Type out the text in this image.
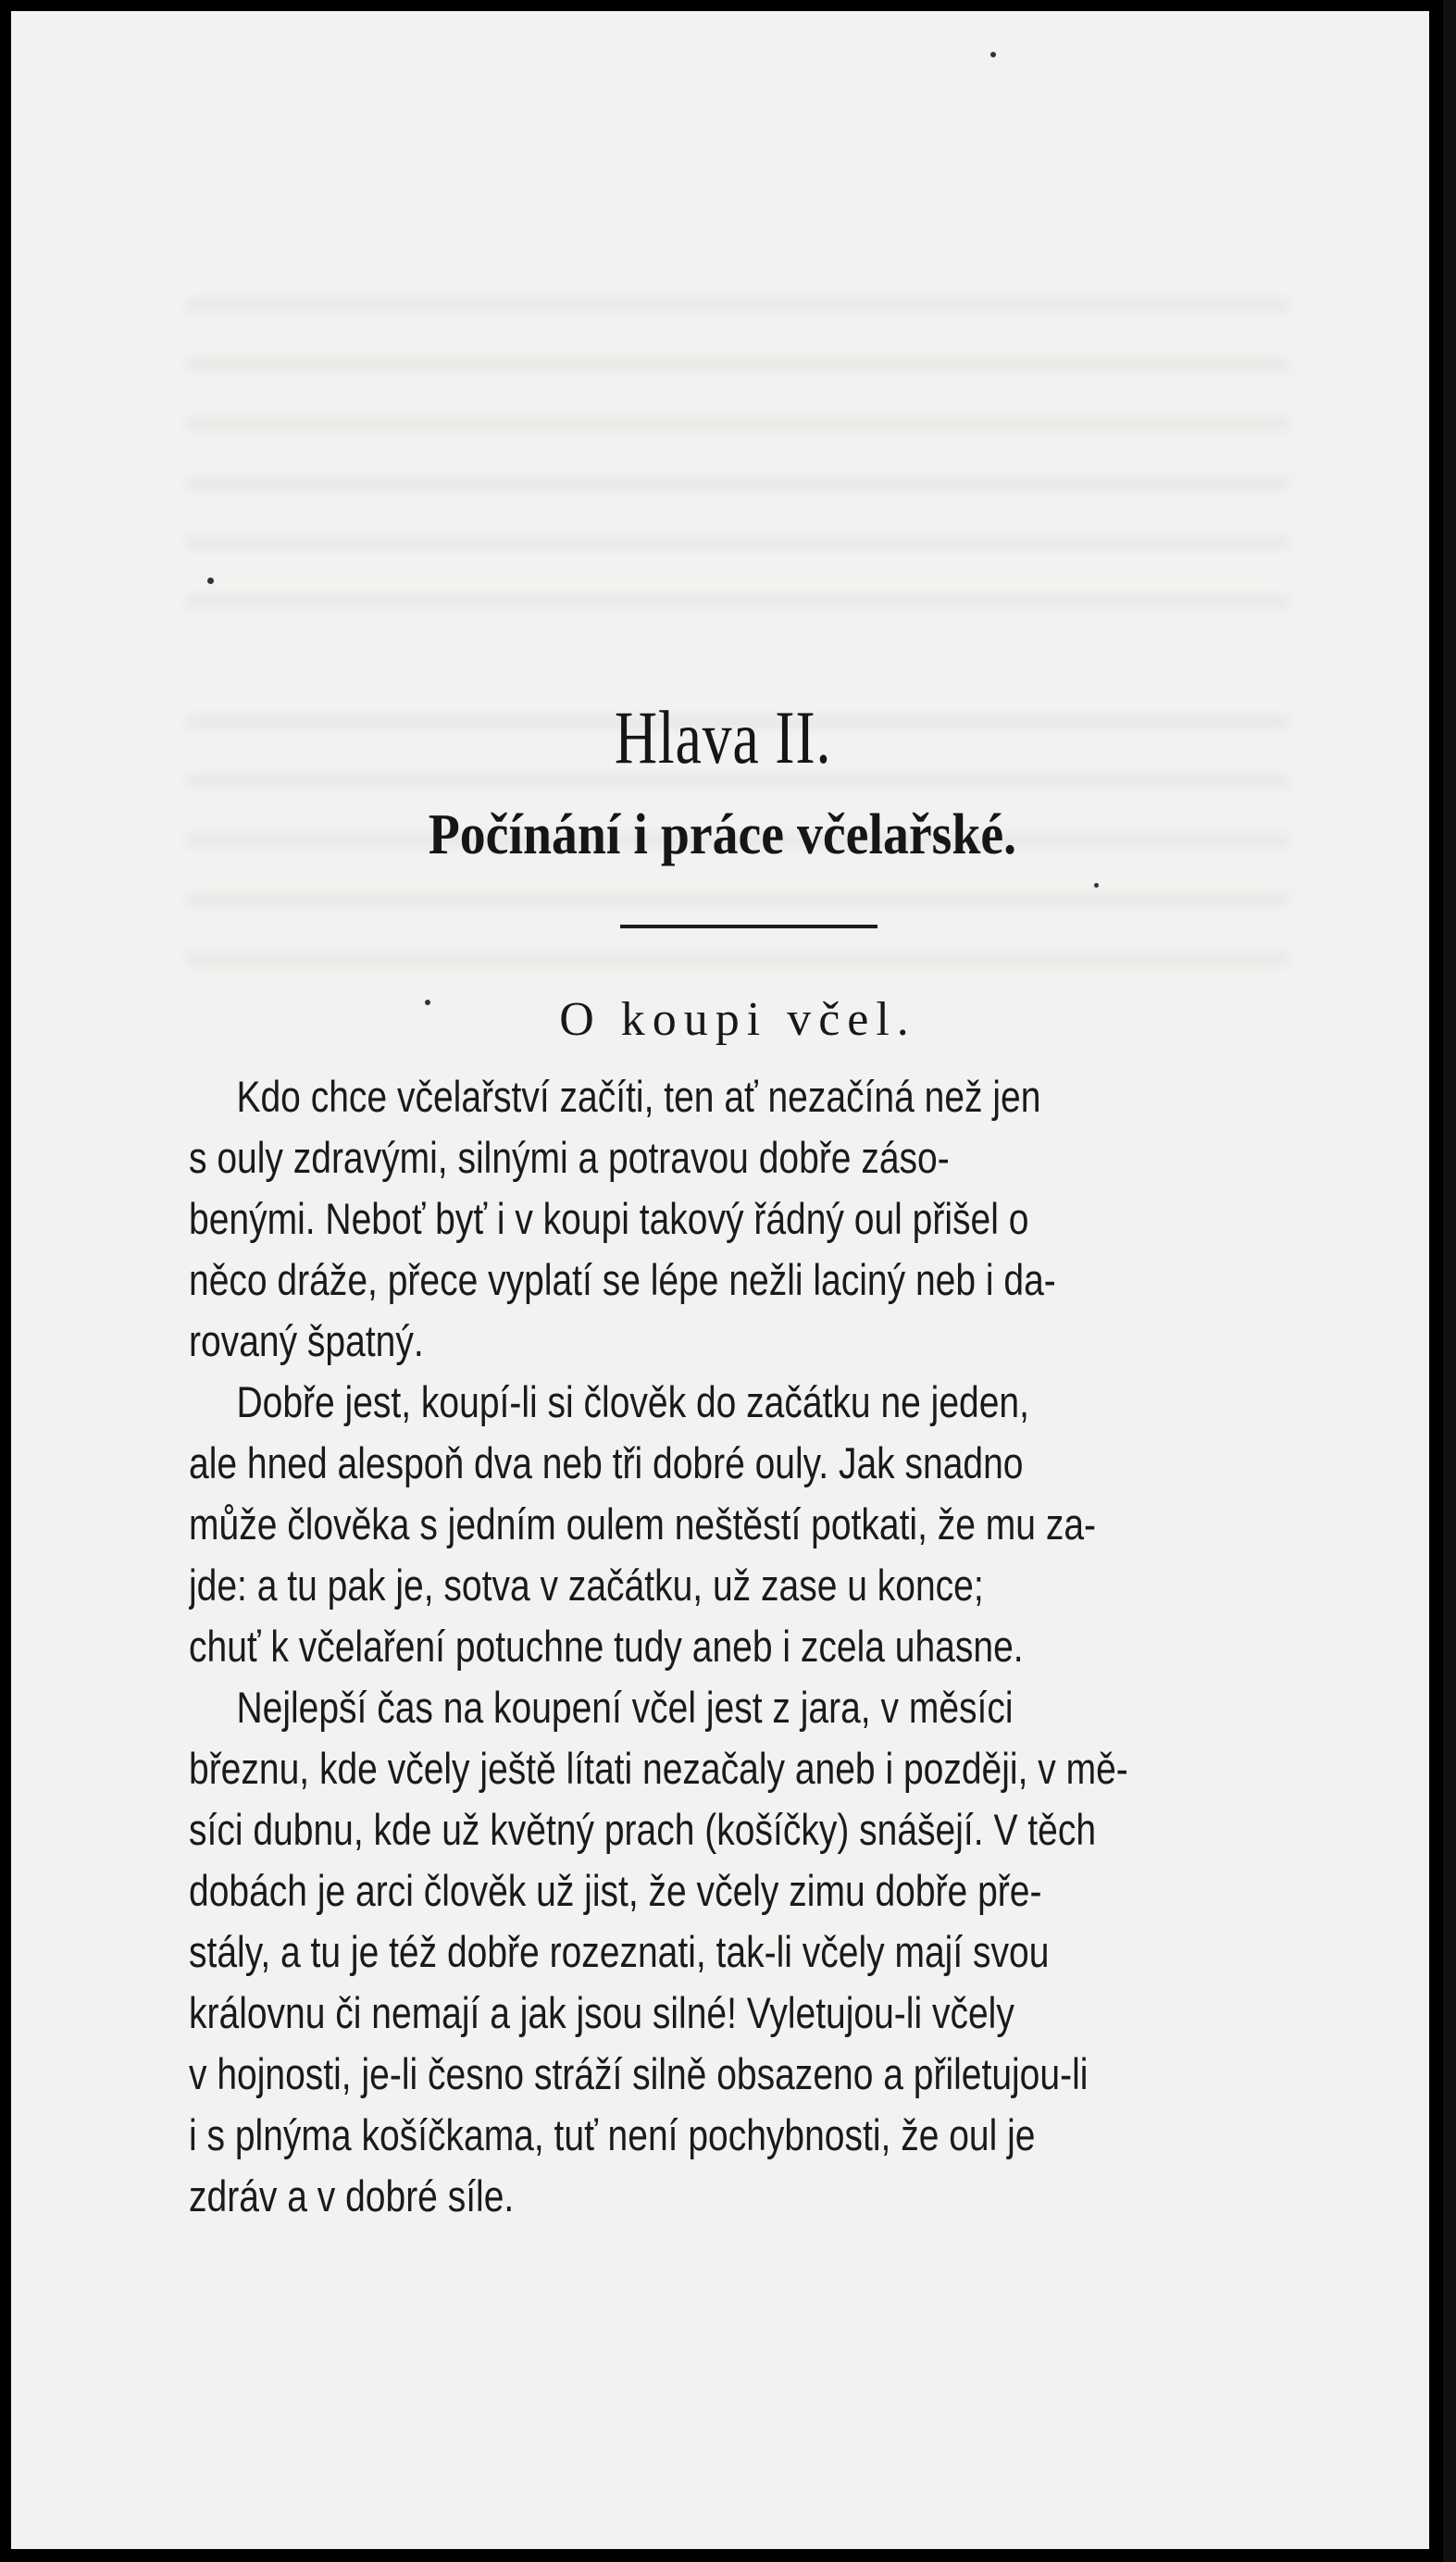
Hlava II.
Počínání i práce včelařské.
O koupi včel.
Kdo chce včelařství začíti, ten ať nezačíná než jen
s ouly zdravými, silnými a potravou dobře záso-
benými. Neboť byť i v koupi takový řádný oul přišel o
něco dráže, přece vyplatí se lépe nežli laciný neb i da-
rovaný špatný.
Dobře jest, koupí-li si člověk do začátku ne jeden,
ale hned alespoň dva neb tři dobré ouly. Jak snadno
může člověka s jedním oulem neštěstí potkati, že mu za-
jde: a tu pak je, sotva v začátku, už zase u konce;
chuť k včelaření potuchne tudy aneb i zcela uhasne.
Nejlepší čas na koupení včel jest z jara, v měsíci
březnu, kde včely ještě lítati nezačaly aneb i později, v mě-
síci dubnu, kde už květný prach (košíčky) snášejí. V těch
dobách je arci člověk už jist, že včely zimu dobře pře-
stály, a tu je též dobře rozeznati, tak-li včely mají svou
královnu či nemají a jak jsou silné! Vyletujou-li včely
v hojnosti, je-li česno stráží silně obsazeno a přiletujou-li
i s plnýma košíčkama, tuť není pochybnosti, že oul je
zdráv a v dobré síle.
